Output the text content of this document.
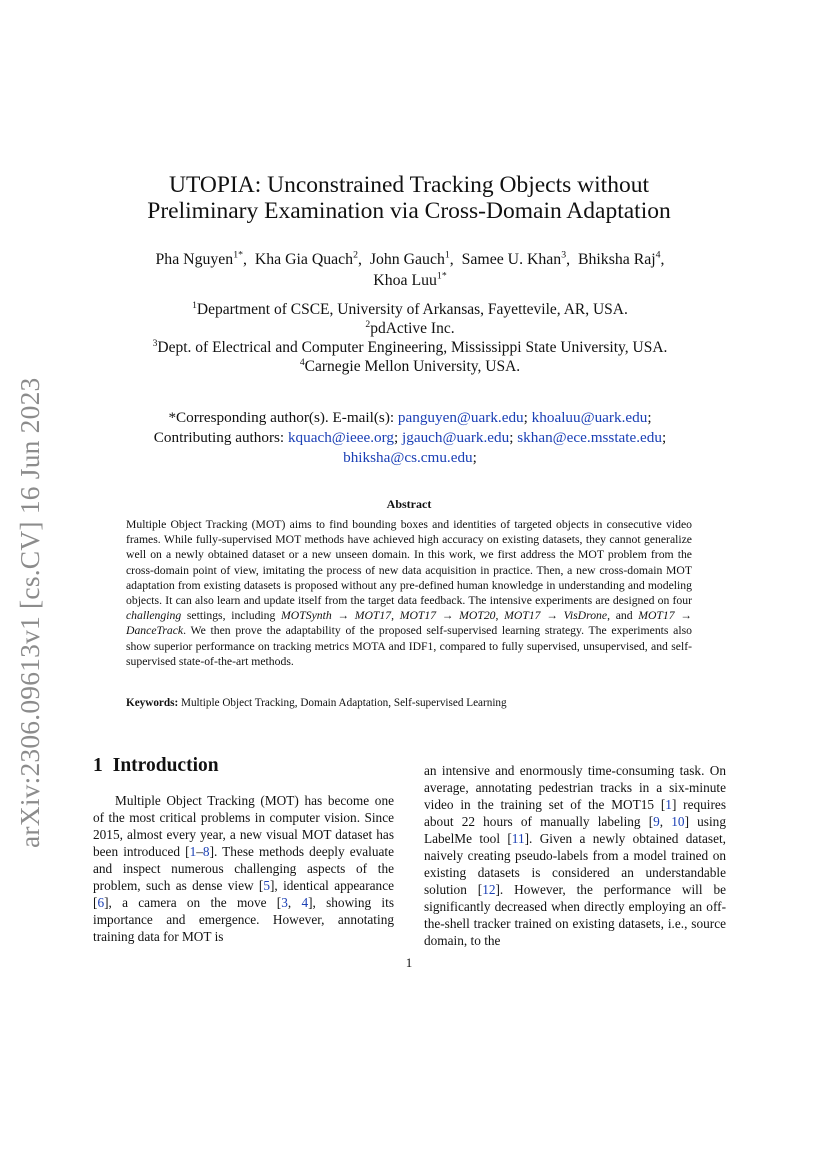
arXiv:2306.09613v1 [cs.CV] 16 Jun 2023
UTOPIA: Unconstrained Tracking Objects without
Preliminary Examination via Cross-Domain Adaptation
Pha Nguyen$^{1*}$,  Kha Gia Quach$^2$,  John Gauch$^1$,  Samee U. Khan$^3$,  Bhiksha Raj$^4$,
Khoa Luu$^{1*}$
$^1$Department of CSCE, University of Arkansas, Fayettevile, AR, USA.
$^2$pdActive Inc.
$^3$Dept. of Electrical and Computer Engineering, Mississippi State University, USA.
$^4$Carnegie Mellon University, USA.
*Corresponding author(s). E-mail(s): panguyen@uark.edu; khoaluu@uark.edu;
Contributing authors: kquach@ieee.org; jgauch@uark.edu; skhan@ece.msstate.edu;
bhiksha@cs.cmu.edu;
Abstract
Multiple Object Tracking (MOT) aims to find bounding boxes and identities of targeted objects in consecutive video frames. While fully-supervised MOT methods have achieved high accuracy on existing datasets, they cannot generalize well on a newly obtained dataset or a new unseen domain. In this work, we first address the MOT problem from the cross-domain point of view, imitating the process of new data acquisition in practice. Then, a new cross-domain MOT adaptation from existing datasets is proposed without any pre-defined human knowledge in understanding and modeling objects. It can also learn and update itself from the target data feedback. The intensive experiments are designed on four challenging settings, including MOTSynth → MOT17, MOT17 → MOT20, MOT17 → VisDrone, and MOT17 → DanceTrack. We then prove the adaptability of the proposed self-supervised learning strategy. The experiments also show superior performance on tracking metrics MOTA and IDF1, compared to fully supervised, unsupervised, and self-supervised state-of-the-art methods.
Keywords: Multiple Object Tracking, Domain Adaptation, Self-supervised Learning
1 Introduction
Multiple Object Tracking (MOT) has become one of the most critical problems in computer vision. Since 2015, almost every year, a new visual MOT dataset has been introduced [1–8]. These methods deeply evaluate and inspect numerous challenging aspects of the problem, such as dense view [5], identical appearance [6], a camera on the move [3, 4], showing its importance and emergence. However, annotating training data for MOT is
an intensive and enormously time-consuming task. On average, annotating pedestrian tracks in a six-minute video in the training set of the MOT15 [1] requires about 22 hours of manually labeling [9, 10] using LabelMe tool [11]. Given a newly obtained dataset, naively creating pseudo-labels from a model trained on existing datasets is considered an understandable solution [12]. However, the performance will be significantly decreased when directly employing an off-the-shell tracker trained on existing datasets, i.e., source domain, to the
1
